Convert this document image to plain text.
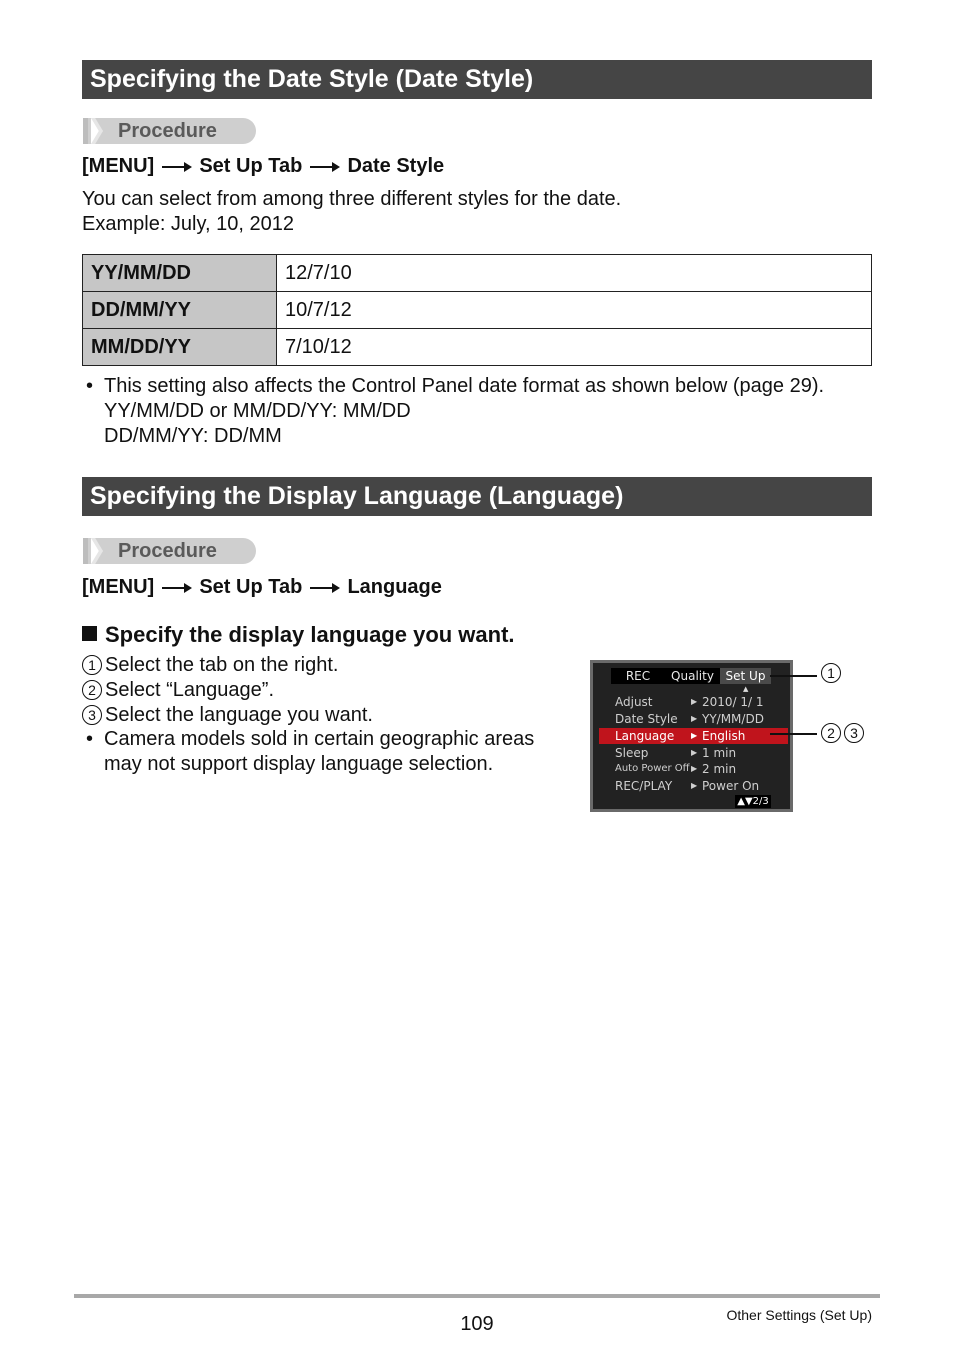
Specifying the Date Style (Date Style)
Procedure
[MENU] Set Up Tab Date Style
You can select from among three different styles for the date.
Example: July, 10, 2012
YY/MM/DD	12/7/10
DD/MM/YY	10/7/12
MM/DD/YY	7/10/12
• This setting also affects the Control Panel date format as shown below (page 29).
YY/MM/DD or MM/DD/YY: MM/DD
DD/MM/YY: DD/MM
Specifying the Display Language (Language)
Procedure
[MENU] Set Up Tab Language
Specify the display language you want.
1 Select the tab on the right.
2 Select “Language”.
3 Select the language you want.
• Camera models sold in certain geographic areas
may not support display language selection.
REC	Quality Set Up
▲
Adjust	▶ 2010/ 1/ 1
Date Style ▶ YY/MM/DD
Language ▶ English
Sleep	▶ 1 min
Auto Power Off ▶ 2 min
REC/PLAY ▶ Power On
▲▼2/3
1
2 3
109	Other Settings (Set Up)
